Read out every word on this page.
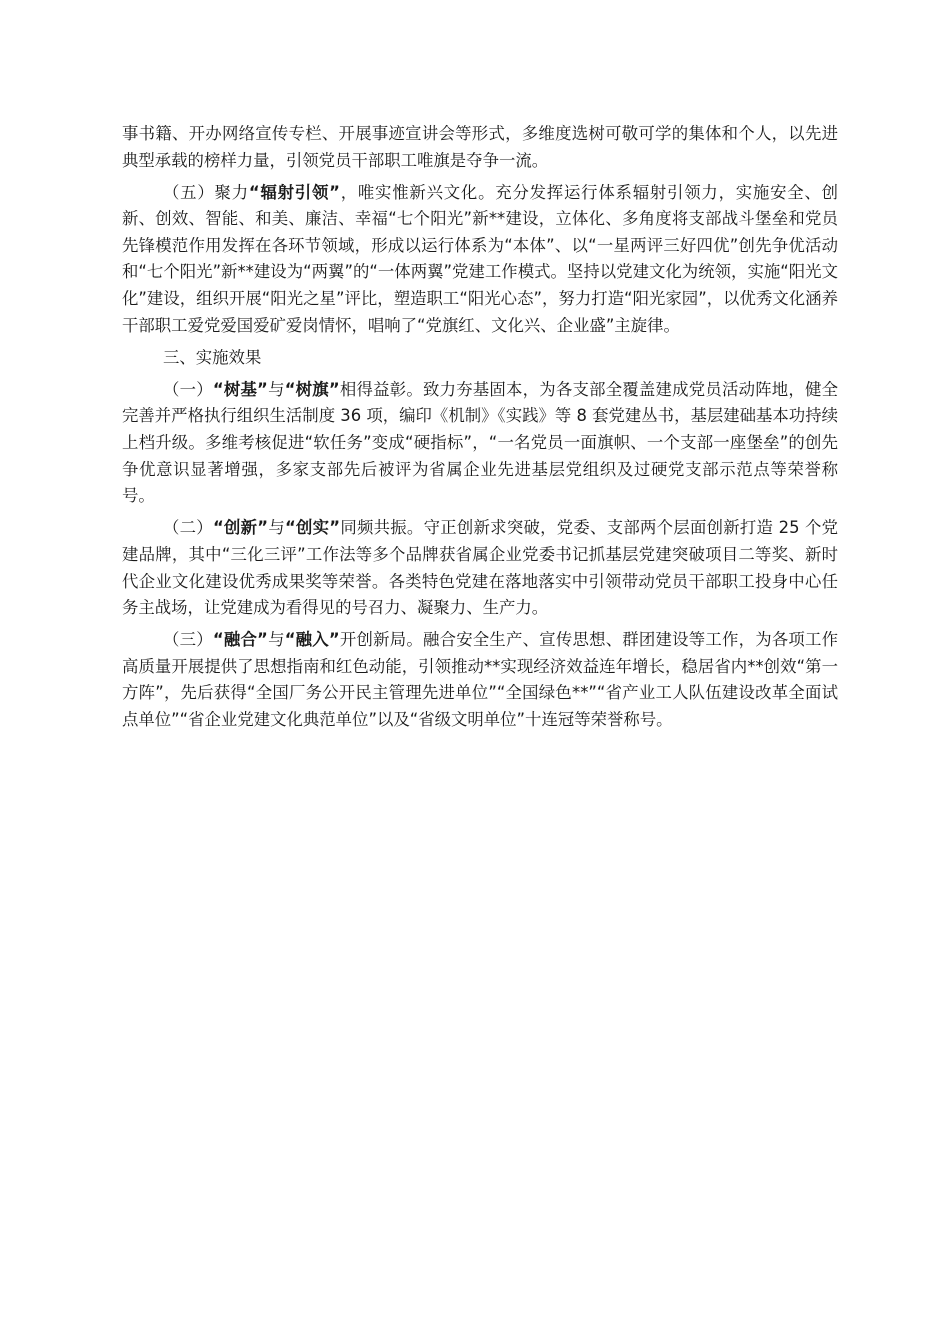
事书籍、开办网络宣传专栏、开展事迹宣讲会等形式，多维度选树可敬可学的集体和个人，以先进典型承载的榜样力量，引领党员干部职工唯旗是夺争一流。

（五）聚力“辐射引领”，唯实惟新兴文化。充分发挥运行体系辐射引领力，实施安全、创新、创效、智能、和美、廉洁、幸福“七个阳光”新**建设，立体化、多角度将支部战斗堡垒和党员先锋模范作用发挥在各环节领域，形成以运行体系为“本体”、以“一星两评三好四优”创先争优活动和“七个阳光”新**建设为“两翼”的“一体两翼”党建工作模式。坚持以党建文化为统领，实施“阳光文化”建设，组织开展“阳光之星”评比，塑造职工“阳光心态”，努力打造“阳光家园”，以优秀文化涵养干部职工爱党爱国爱矿爱岗情怀，唱响了“党旗红、文化兴、企业盛”主旋律。

三、实施效果

（一）“树基”与“树旗”相得益彰。致力夯基固本，为各支部全覆盖建成党员活动阵地，健全完善并严格执行组织生活制度 36 项，编印《机制》《实践》等 8 套党建丛书，基层建础基本功持续上档升级。多维考核促进“软任务”变成“硬指标”，“一名党员一面旗帜、一个支部一座堡垒”的创先争优意识显著增强，多家支部先后被评为省属企业先进基层党组织及过硬党支部示范点等荣誉称号。

（二）“创新”与“创实”同频共振。守正创新求突破，党委、支部两个层面创新打造 25 个党建品牌，其中“三化三评”工作法等多个品牌获省属企业党委书记抓基层党建突破项目二等奖、新时代企业文化建设优秀成果奖等荣誉。各类特色党建在落地落实中引领带动党员干部职工投身中心任务主战场，让党建成为看得见的号召力、凝聚力、生产力。

（三）“融合”与“融入”开创新局。融合安全生产、宣传思想、群团建设等工作，为各项工作高质量开展提供了思想指南和红色动能，引领推动**实现经济效益连年增长，稳居省内**创效“第一方阵”，先后获得“全国厂务公开民主管理先进单位”“全国绿色**”“省产业工人队伍建设改革全面试点单位”“省企业党建文化典范单位”以及“省级文明单位”十连冠等荣誉称号。
